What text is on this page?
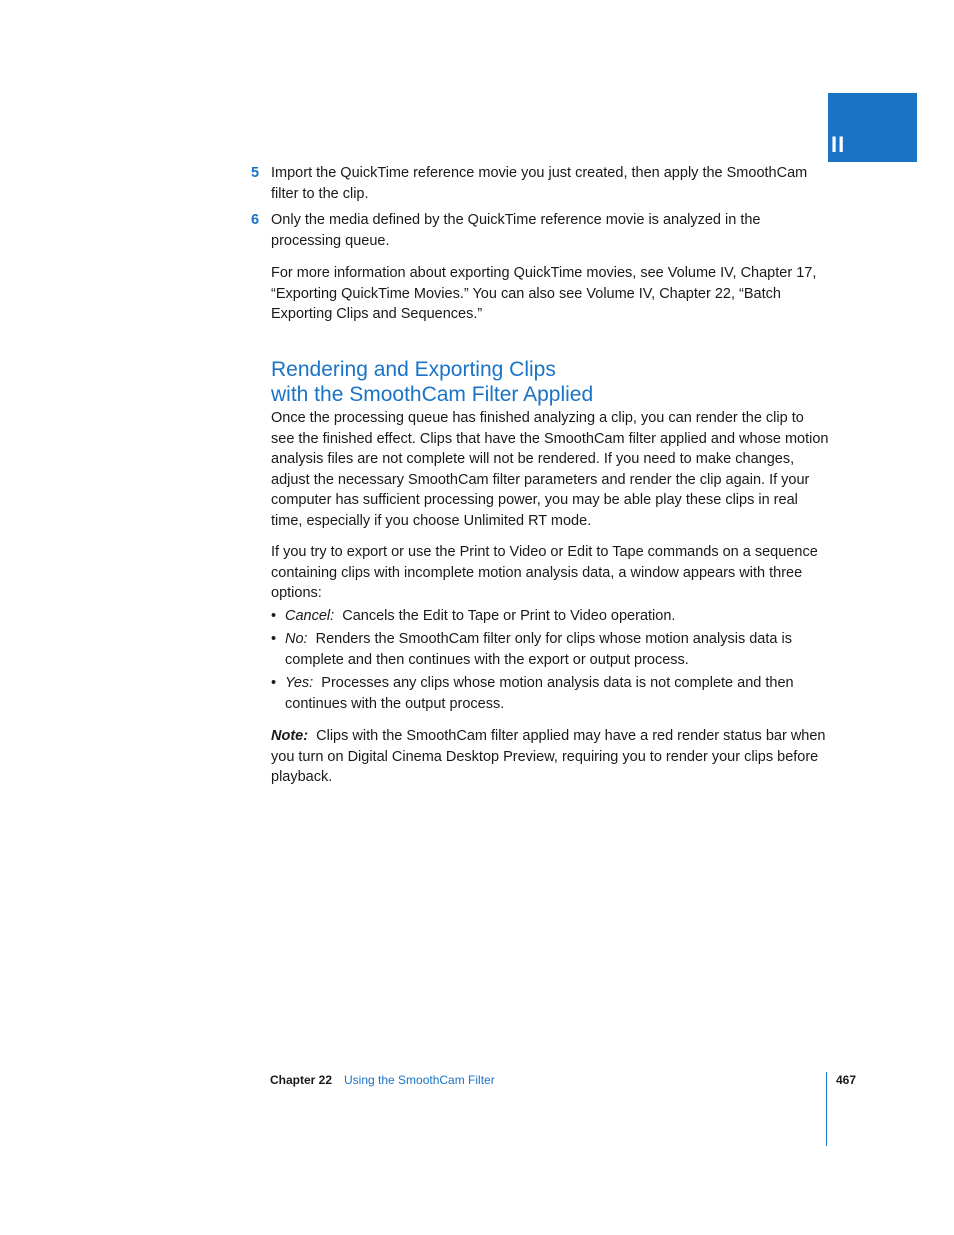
II
5 Import the QuickTime reference movie you just created, then apply the SmoothCam filter to the clip.
6 Only the media defined by the QuickTime reference movie is analyzed in the processing queue.
For more information about exporting QuickTime movies, see Volume IV, Chapter 17, “Exporting QuickTime Movies.” You can also see Volume IV, Chapter 22, “Batch Exporting Clips and Sequences.”
Rendering and Exporting Clips
with the SmoothCam Filter Applied
Once the processing queue has finished analyzing a clip, you can render the clip to see the finished effect. Clips that have the SmoothCam filter applied and whose motion analysis files are not complete will not be rendered. If you need to make changes, adjust the necessary SmoothCam filter parameters and render the clip again. If your computer has sufficient processing power, you may be able play these clips in real time, especially if you choose Unlimited RT mode.
If you try to export or use the Print to Video or Edit to Tape commands on a sequence containing clips with incomplete motion analysis data, a window appears with three options:
• Cancel: Cancels the Edit to Tape or Print to Video operation.
• No: Renders the SmoothCam filter only for clips whose motion analysis data is complete and then continues with the export or output process.
• Yes: Processes any clips whose motion analysis data is not complete and then continues with the output process.
Note: Clips with the SmoothCam filter applied may have a red render status bar when you turn on Digital Cinema Desktop Preview, requiring you to render your clips before playback.
Chapter 22 Using the SmoothCam Filter	467
